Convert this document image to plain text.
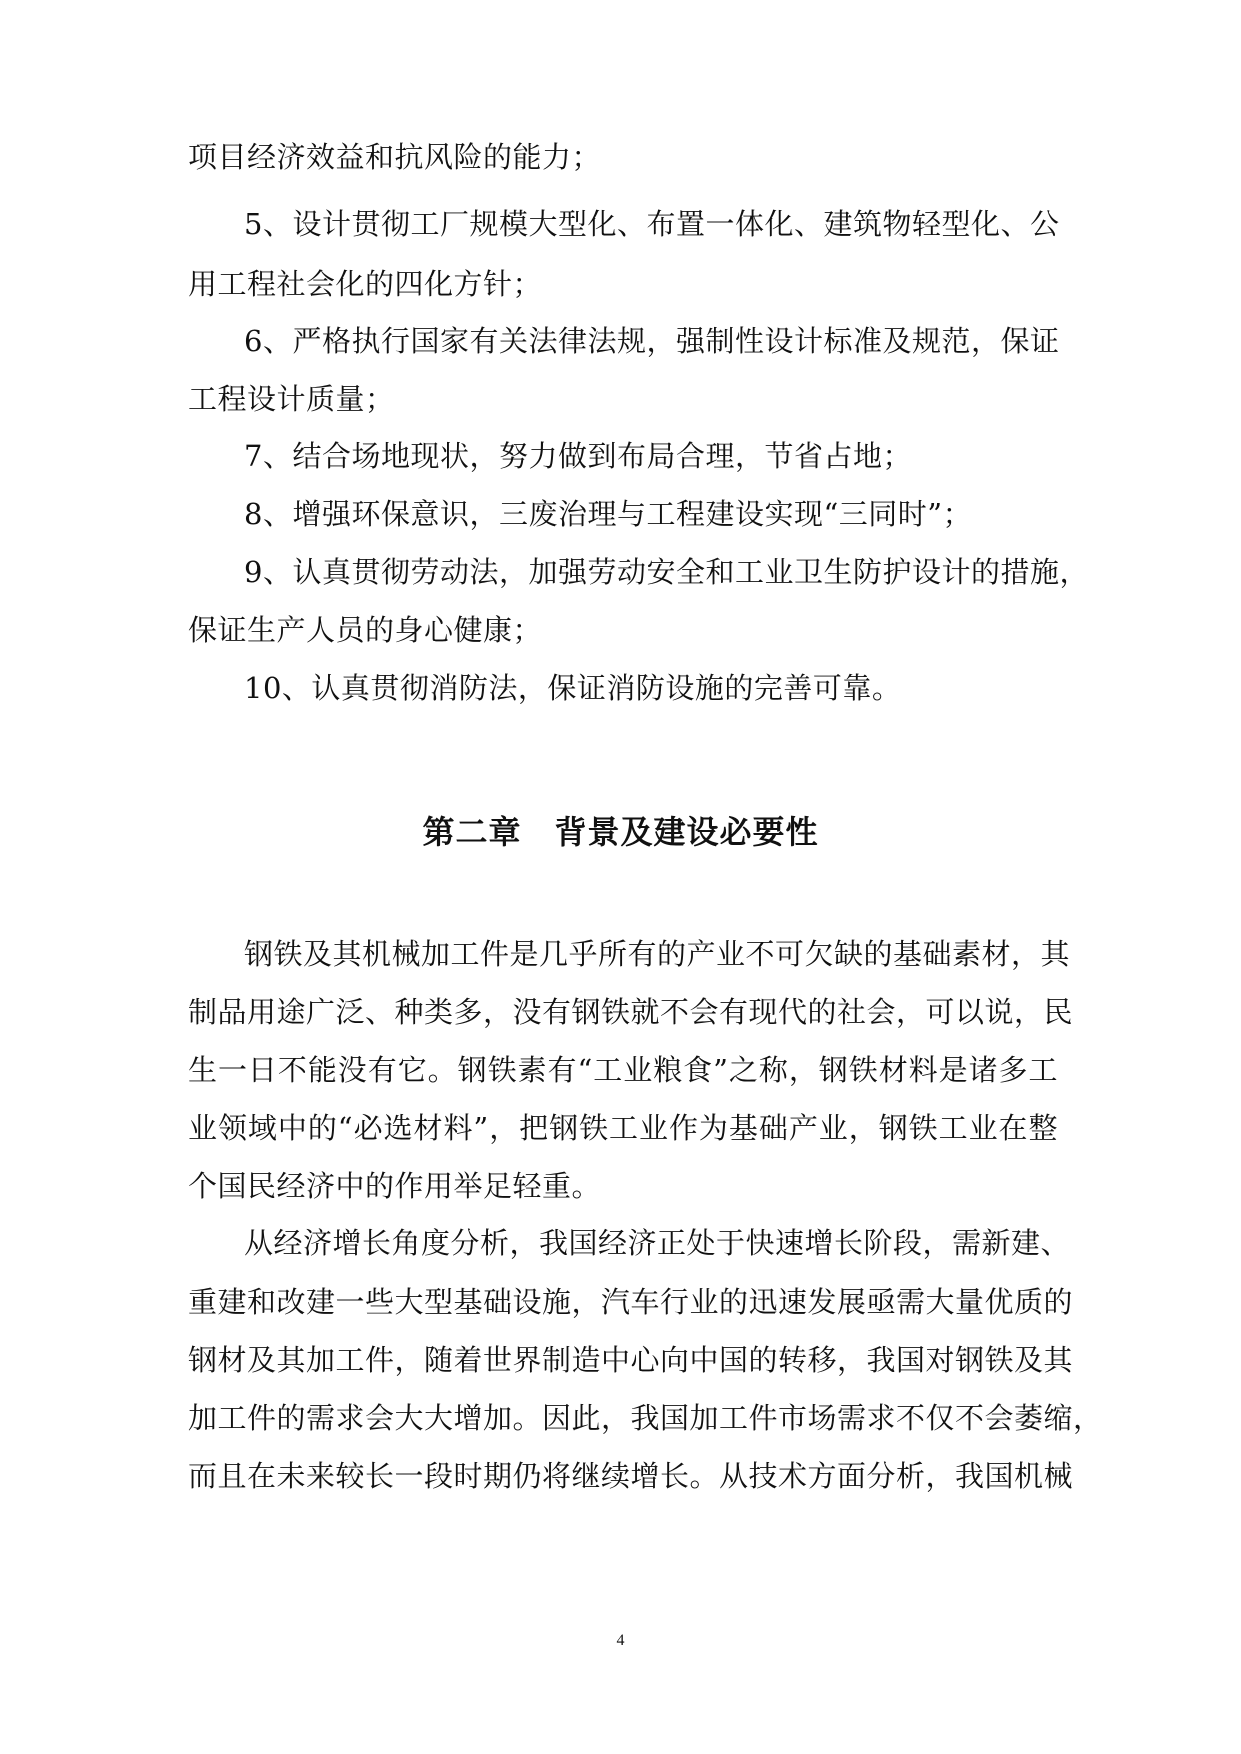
项目经济效益和抗风险的能力；
5、设计贯彻工厂规模大型化、布置一体化、建筑物轻型化、公
用工程社会化的四化方针；
6、严格执行国家有关法律法规，强制性设计标准及规范，保证
工程设计质量；
7、结合场地现状，努力做到布局合理，节省占地；
8、增强环保意识，三废治理与工程建设实现“三同时”；
9、认真贯彻劳动法，加强劳动安全和工业卫生防护设计的措施，
保证生产人员的身心健康；
10、认真贯彻消防法，保证消防设施的完善可靠。
第二章　背景及建设必要性
钢铁及其机械加工件是几乎所有的产业不可欠缺的基础素材，其
制品用途广泛、种类多，没有钢铁就不会有现代的社会，可以说，民
生一日不能没有它。钢铁素有“工业粮食”之称，钢铁材料是诸多工
业领域中的“必选材料”，把钢铁工业作为基础产业，钢铁工业在整
个国民经济中的作用举足轻重。
从经济增长角度分析，我国经济正处于快速增长阶段，需新建、
重建和改建一些大型基础设施，汽车行业的迅速发展亟需大量优质的
钢材及其加工件，随着世界制造中心向中国的转移，我国对钢铁及其
加工件的需求会大大增加。因此，我国加工件市场需求不仅不会萎缩，
而且在未来较长一段时期仍将继续增长。从技术方面分析，我国机械
4
